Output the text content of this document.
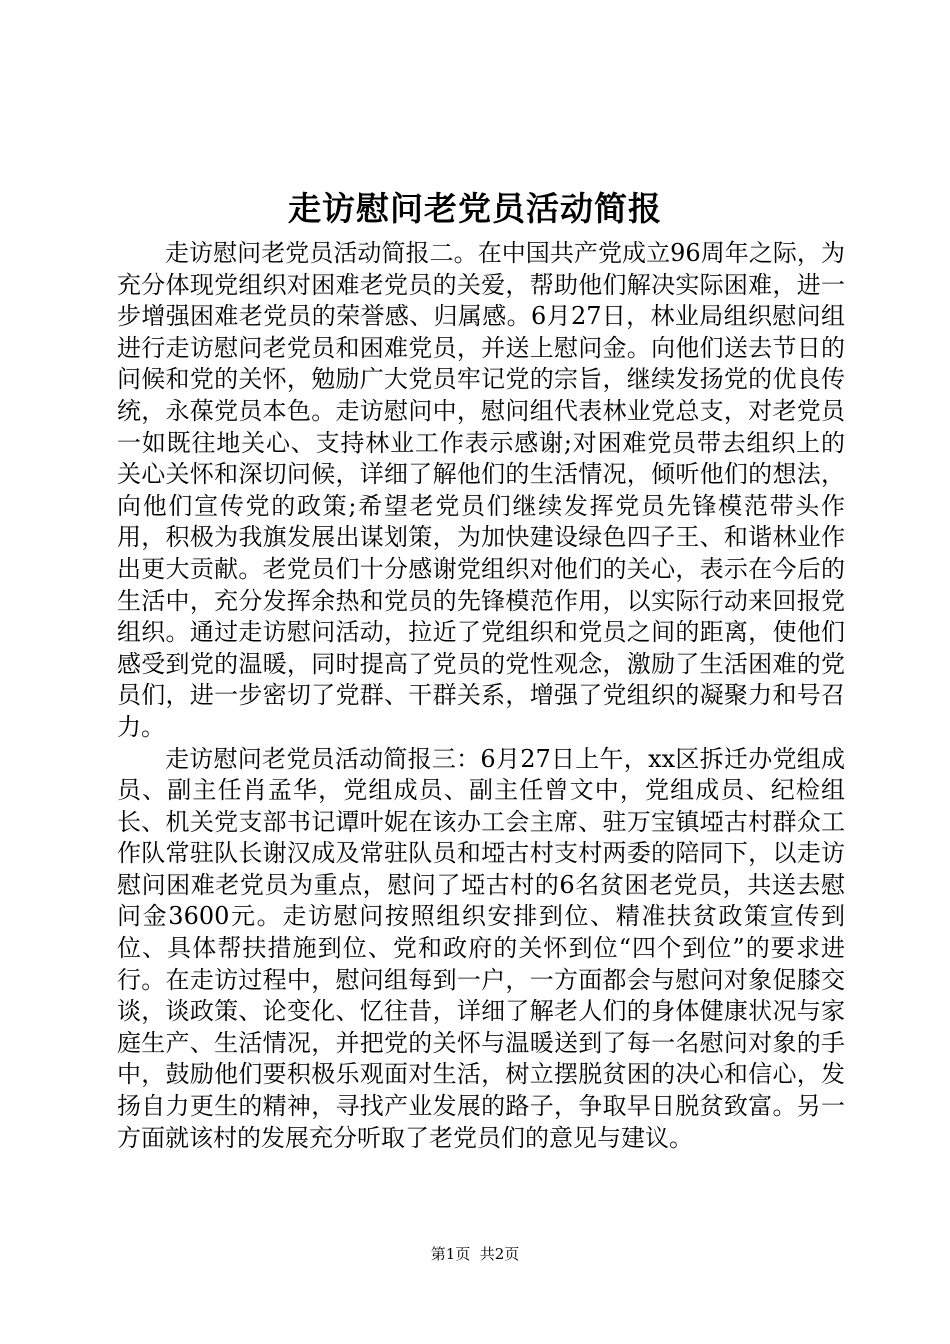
走访慰问老党员活动简报

走访慰问老党员活动简报二。在中国共产党成立96周年之际，为充分体现党组织对困难老党员的关爱，帮助他们解决实际困难，进一步增强困难老党员的荣誉感、归属感。6月27日，林业局组织慰问组进行走访慰问老党员和困难党员，并送上慰问金。向他们送去节日的问候和党的关怀，勉励广大党员牢记党的宗旨，继续发扬党的优良传统，永葆党员本色。走访慰问中，慰问组代表林业党总支，对老党员一如既往地关心、支持林业工作表示感谢;对困难党员带去组织上的关心关怀和深切问候，详细了解他们的生活情况，倾听他们的想法，向他们宣传党的政策;希望老党员们继续发挥党员先锋模范带头作用，积极为我旗发展出谋划策，为加快建设绿色四子王、和谐林业作出更大贡献。老党员们十分感谢党组织对他们的关心，表示在今后的生活中，充分发挥余热和党员的先锋模范作用，以实际行动来回报党组织。通过走访慰问活动，拉近了党组织和党员之间的距离，使他们感受到党的温暖，同时提高了党员的党性观念，激励了生活困难的党员们，进一步密切了党群、干群关系，增强了党组织的凝聚力和号召力。

走访慰问老党员活动简报三：6月27日上午，xx区拆迁办党组成员、副主任肖孟华，党组成员、副主任曾文中，党组成员、纪检组长、机关党支部书记谭叶妮在该办工会主席、驻万宝镇埡古村群众工作队常驻队长谢汉成及常驻队员和埡古村支村两委的陪同下，以走访慰问困难老党员为重点，慰问了埡古村的6名贫困老党员，共送去慰问金3600元。走访慰问按照组织安排到位、精准扶贫政策宣传到位、具体帮扶措施到位、党和政府的关怀到位“四个到位”的要求进行。在走访过程中，慰问组每到一户，一方面都会与慰问对象促膝交谈，谈政策、论变化、忆往昔，详细了解老人们的身体健康状况与家庭生产、生活情况，并把党的关怀与温暖送到了每一名慰问对象的手中，鼓励他们要积极乐观面对生活，树立摆脱贫困的决心和信心，发扬自力更生的精神，寻找产业发展的路子，争取早日脱贫致富。另一方面就该村的发展充分听取了老党员们的意见与建议。

第1页  共2页
